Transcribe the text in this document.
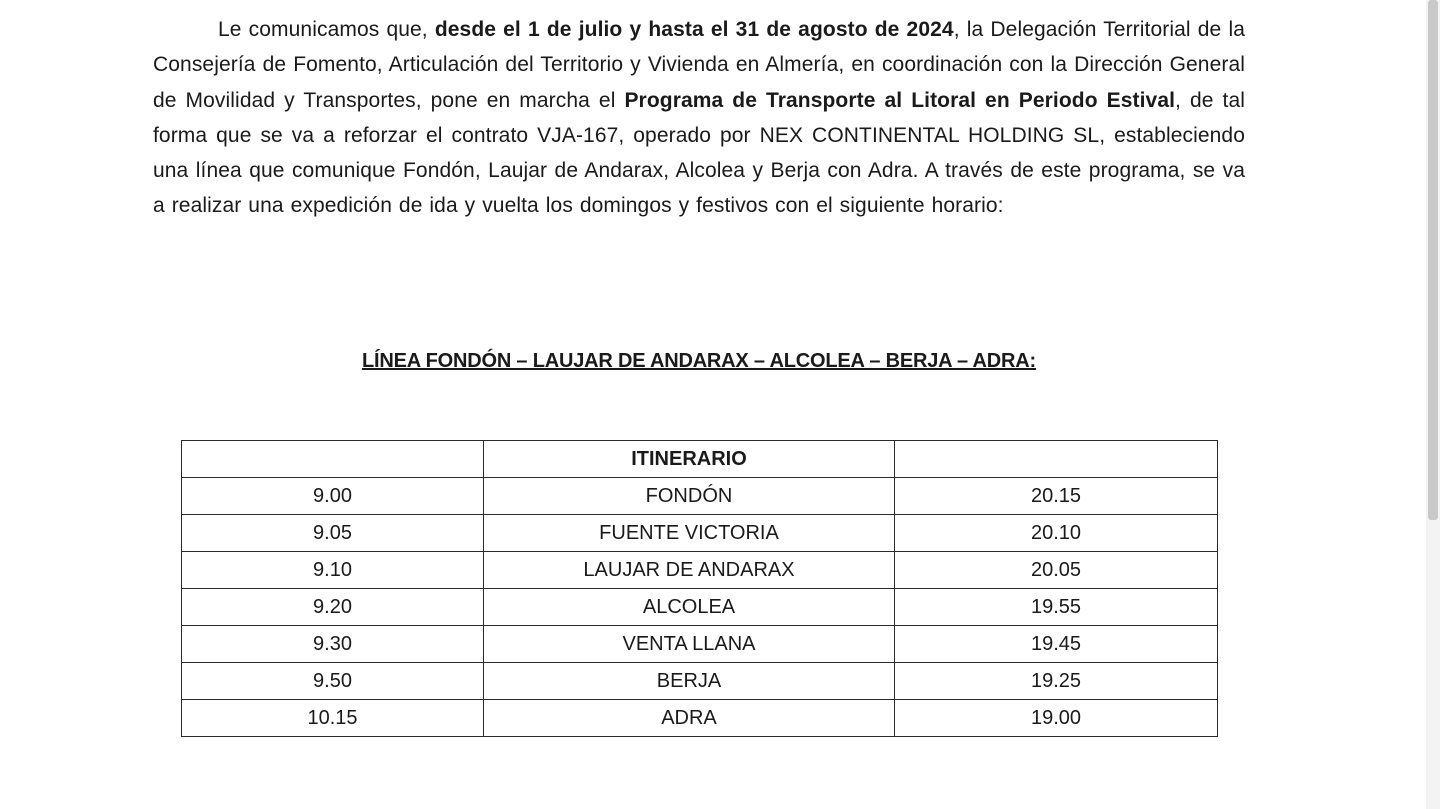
Le comunicamos que, desde el 1 de julio y hasta el 31 de agosto de 2024, la Delegación Territorial de la Consejería de Fomento, Articulación del Territorio y Vivienda en Almería, en coordinación con la Dirección General de Movilidad y Transportes, pone en marcha el Programa de Transporte al Litoral en Periodo Estival, de tal forma que se va a reforzar el contrato VJA-167, operado por NEX CONTINENTAL HOLDING SL, estableciendo una línea que comunique Fondón, Laujar de Andarax, Alcolea y Berja con Adra. A través de este programa, se va a realizar una expedición de ida y vuelta los domingos y festivos con el siguiente horario:

LÍNEA FONDÓN – LAUJAR DE ANDARAX – ALCOLEA – BERJA – ADRA:
	ITINERARIO	
9.00	FONDÓN	20.15
9.05	FUENTE VICTORIA	20.10
9.10	LAUJAR DE ANDARAX	20.05
9.20	ALCOLEA	19.55
9.30	VENTA LLANA	19.45
9.50	BERJA	19.25
10.15	ADRA	19.00
